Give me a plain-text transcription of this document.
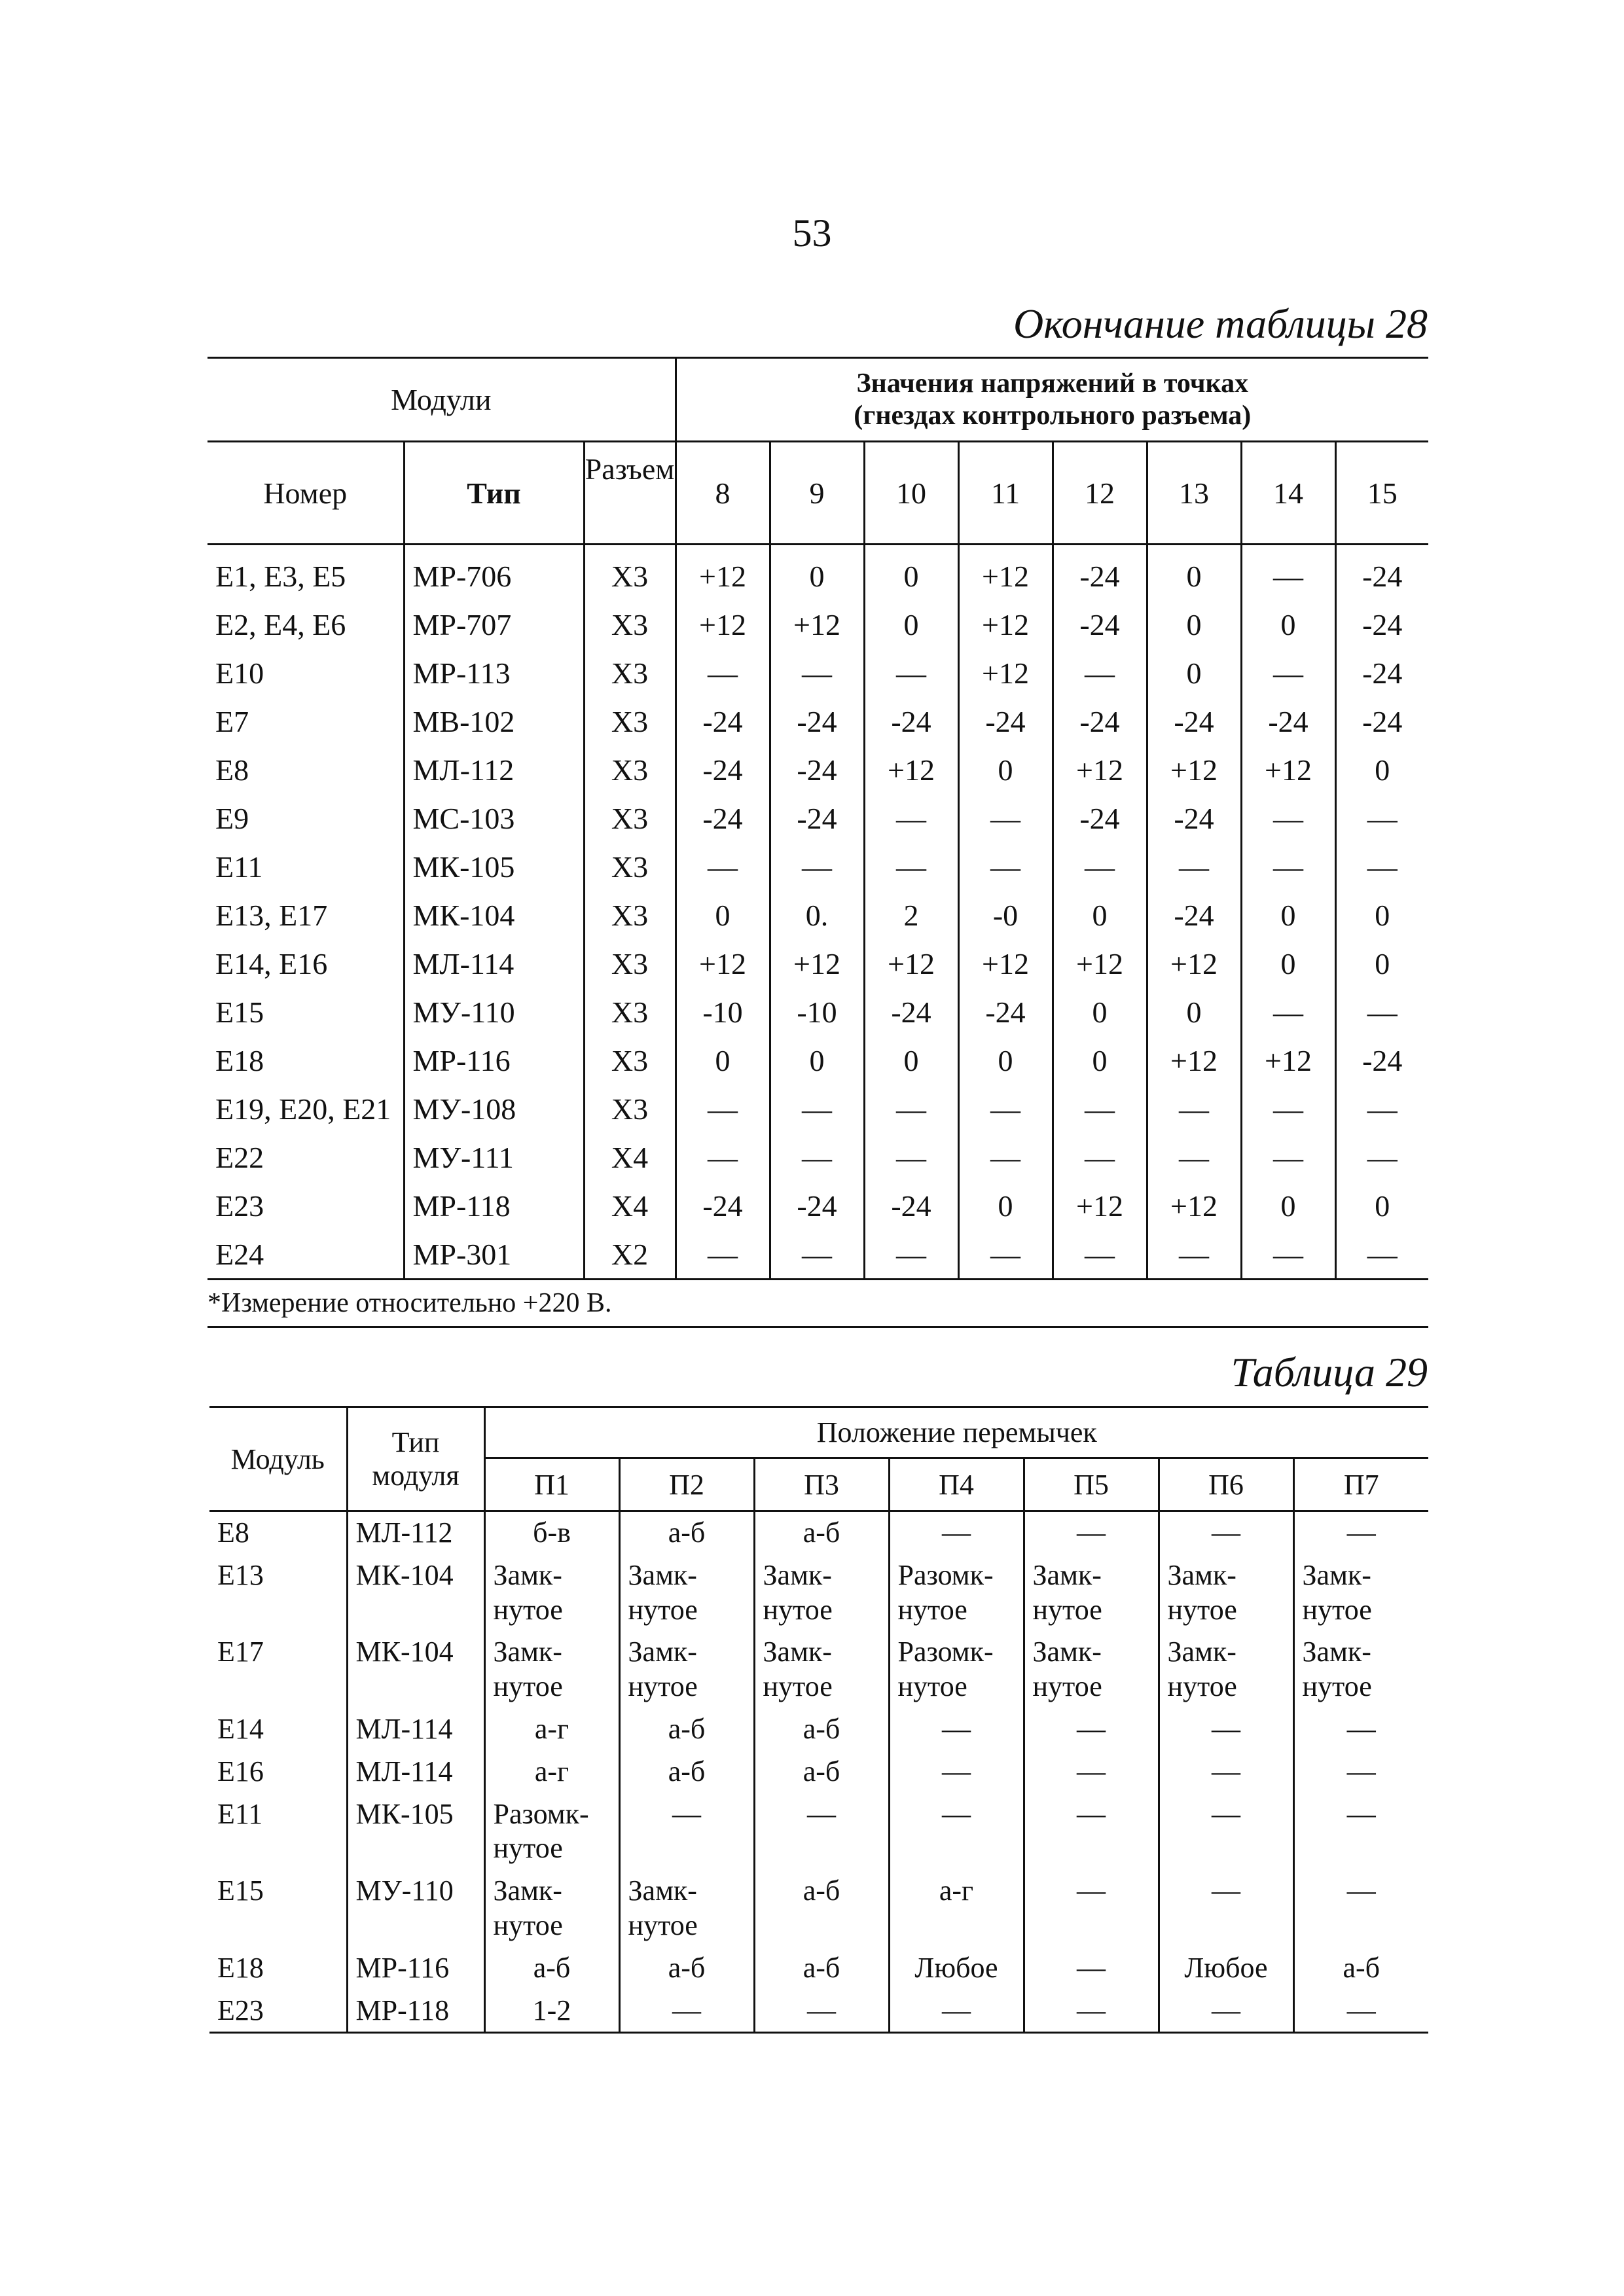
53
Окончание таблицы 28
Модули			Значения напряжений в точках
(гнездах контрольного разъема)							

Номер	Тип	Разъем	8	9	10	11	12	13	14	15
E1, E3, E5	МР-706	X3	+12	0	0	+12	-24	0	—	-24
E2, E4, E6	МР-707	X3	+12	+12	0	+12	-24	0	0	-24
E10	МР-113	X3	—	—	—	+12	—	0	—	-24
E7	МВ-102	X3	-24	-24	-24	-24	-24	-24	-24	-24
E8	МЛ-112	X3	-24	-24	+12	0	+12	+12	+12	0
E9	МС-103	X3	-24	-24	—	—	-24	-24	—	—
E11	МК-105	X3	—	—	—	—	—	—	—	—
E13, E17	МК-104	X3	0	0.	2	-0	0	-24	0	0
E14, E16	МЛ-114	X3	+12	+12	+12	+12	+12	+12	0	0
E15	МУ-110	X3	-10	-10	-24	-24	0	0	—	—
E18	МР-116	X3	0	0	0	0	0	+12	+12	-24
E19, E20, E21	МУ-108	X3	—	—	—	—	—	—	—	—
E22	МУ-111	X4	—	—	—	—	—	—	—	—
E23	МР-118	X4	-24	-24	-24	0	+12	+12	0	0
E24	МР-301	X2	—	—	—	—	—	—	—	—
*Измерение относительно +220 В.										
Таблица 29
Модуль	Тип
модуля	Положение перемычек						
		П1	П2	П3	П4	П5	П6	П7
E8	МЛ-112	б-в	а-б	а-б	—	—	—	—
E13	МК-104	Замк-нутое	Замк-нутое	Замк-нутое	Разомк-нутое	Замк-нутое	Замк-нутое	Замк-нутое
E17	МК-104	Замк-нутое	Замк-нутое	Замк-нутое	Разомк-нутое	Замк-нутое	Замк-нутое	Замк-нутое
E14	МЛ-114	а-г	а-б	а-б	—	—	—	—
E16	МЛ-114	а-г	а-б	а-б	—	—	—	—
E11	МК-105	Разомк-нутое	—	—	—	—	—	—
E15	МУ-110	Замк-нутое	Замк-нутое	а-б	а-г	—	—	—
E18	МР-116	а-б	а-б	а-б	Любое	—	Любое	а-б
E23	МР-118	1-2	—	—	—	—	—	—
